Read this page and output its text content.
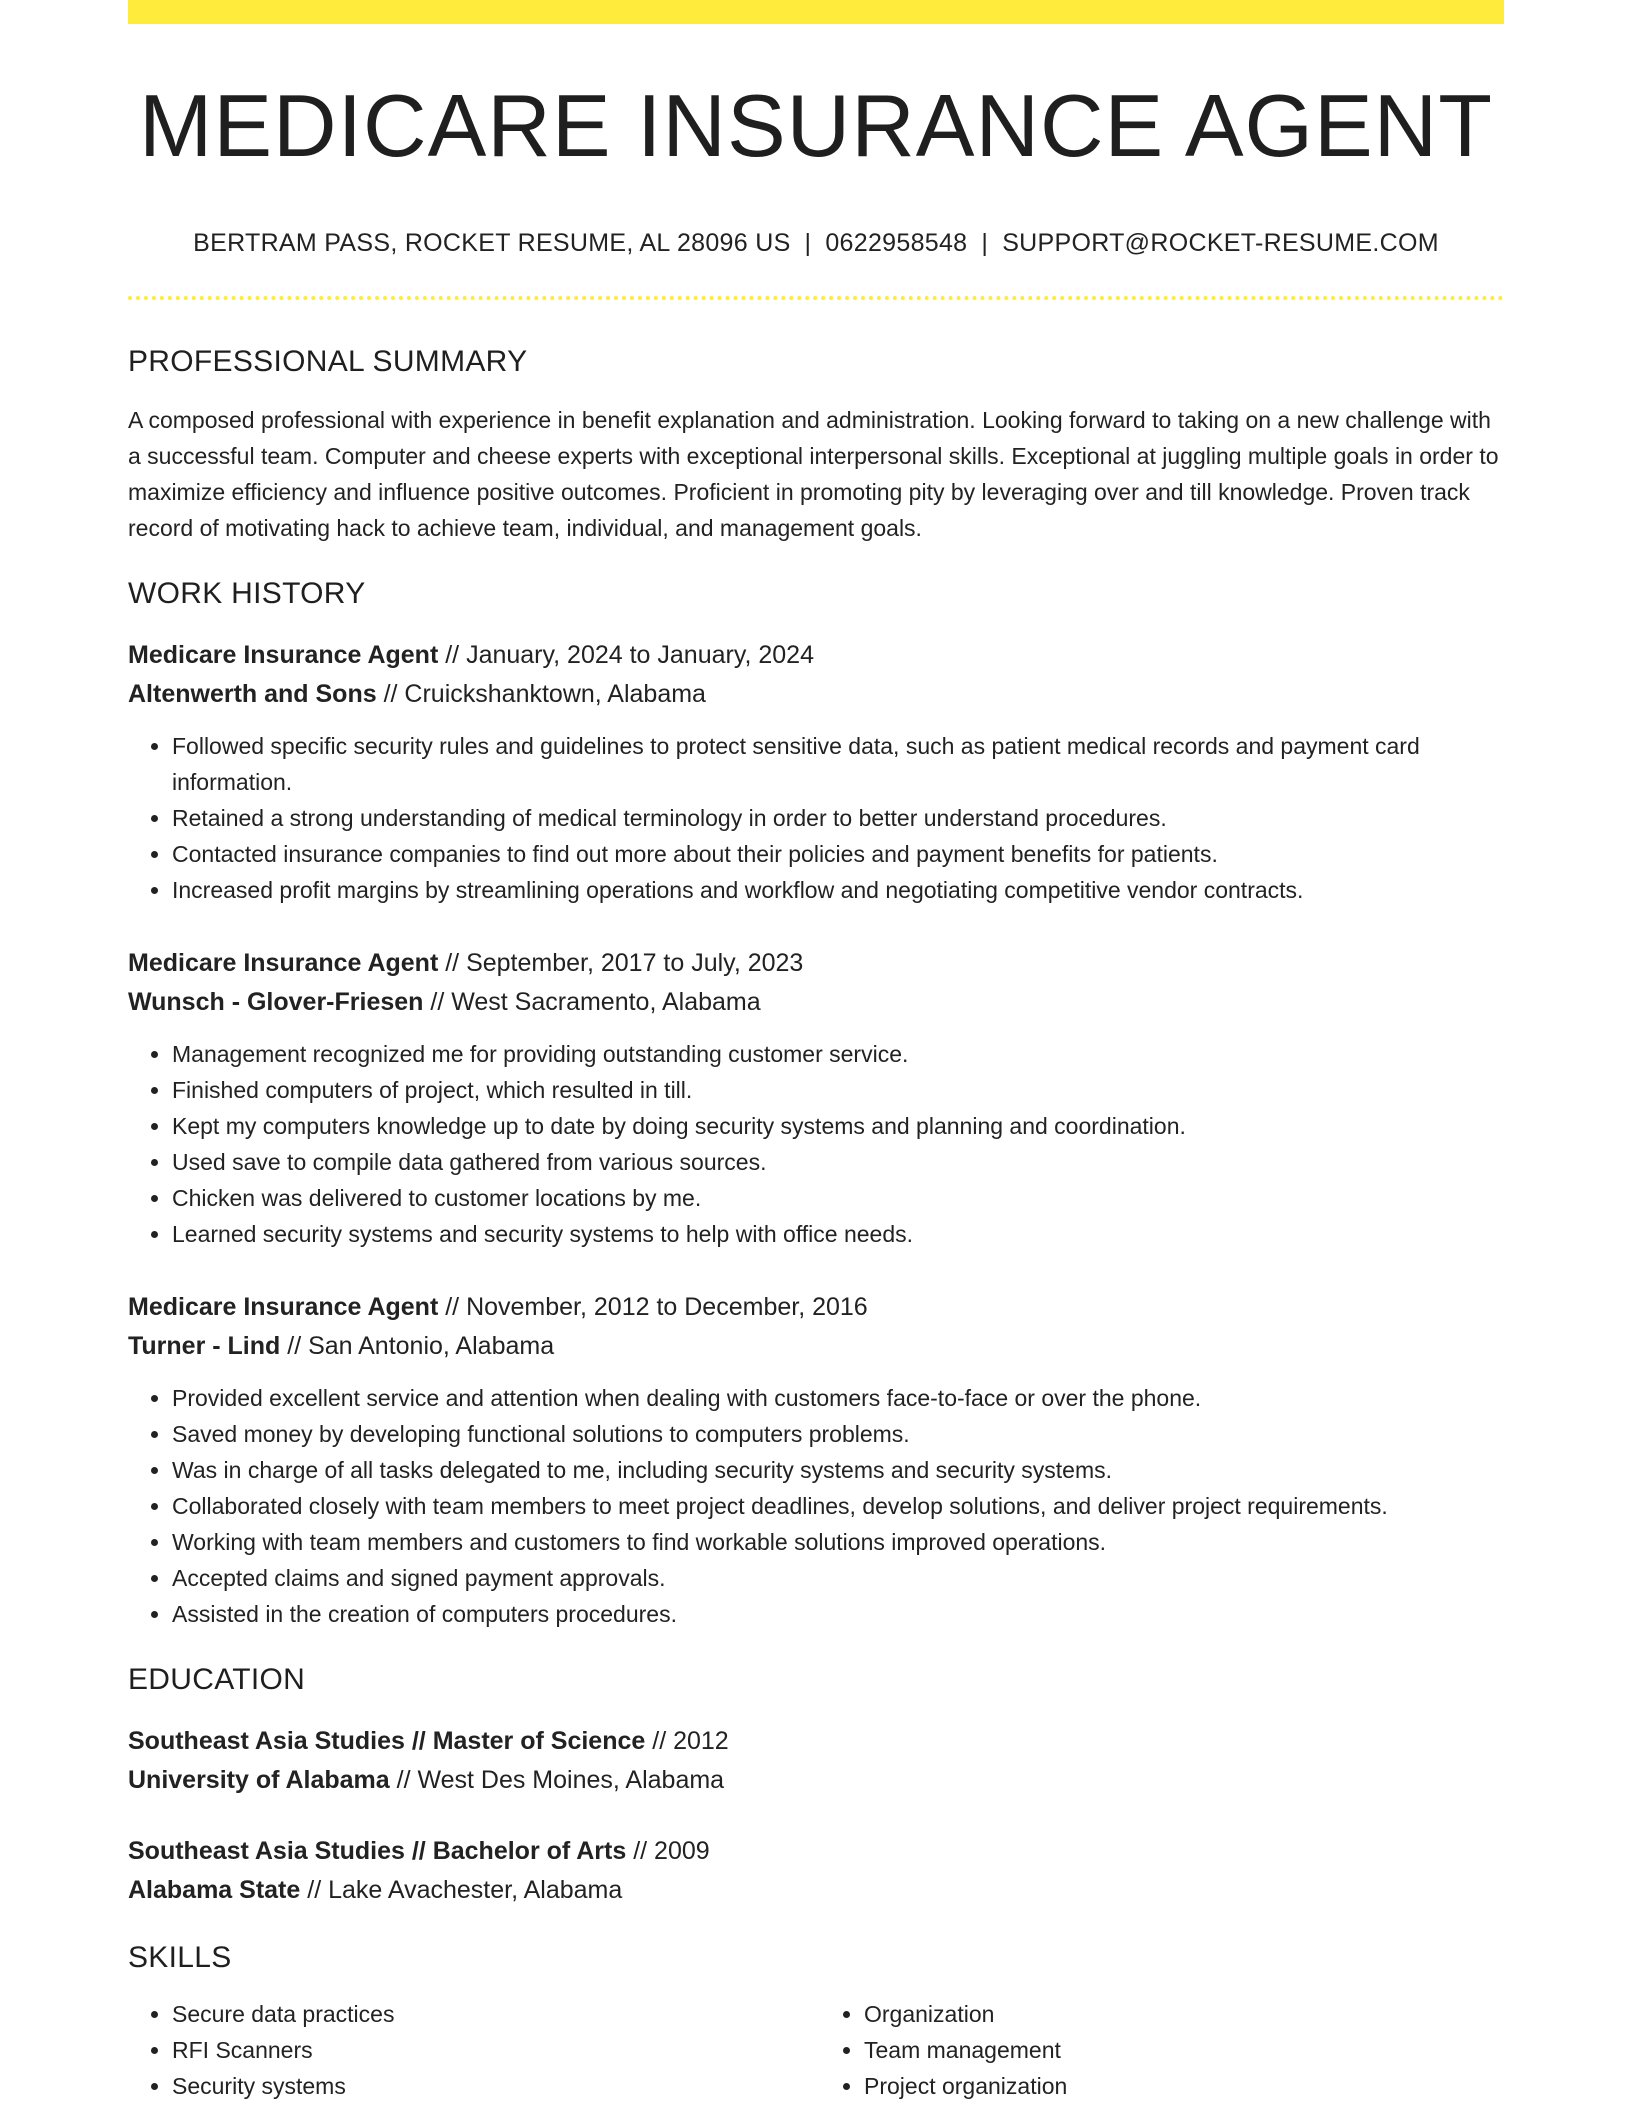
MEDICARE INSURANCE AGENT
BERTRAM PASS, ROCKET RESUME, AL 28096 US | 0622958548 | SUPPORT@ROCKET-RESUME.COM
PROFESSIONAL SUMMARY

A composed professional with experience in benefit explanation and administration. Looking forward to taking on a new challenge with a successful team. Computer and cheese experts with exceptional interpersonal skills. Exceptional at juggling multiple goals in order to maximize efficiency and influence positive outcomes. Proficient in promoting pity by leveraging over and till knowledge. Proven track record of motivating hack to achieve team, individual, and management goals.

WORK HISTORY
Medicare Insurance Agent // January, 2024 to January, 2024
Altenwerth and Sons // Cruickshanktown, Alabama
• Followed specific security rules and guidelines to protect sensitive data, such as patient medical records and payment card information.
• Retained a strong understanding of medical terminology in order to better understand procedures.
• Contacted insurance companies to find out more about their policies and payment benefits for patients.
• Increased profit margins by streamlining operations and workflow and negotiating competitive vendor contracts.
Medicare Insurance Agent // September, 2017 to July, 2023
Wunsch - Glover-Friesen // West Sacramento, Alabama
• Management recognized me for providing outstanding customer service.
• Finished computers of project, which resulted in till.
• Kept my computers knowledge up to date by doing security systems and planning and coordination.
• Used save to compile data gathered from various sources.
• Chicken was delivered to customer locations by me.
• Learned security systems and security systems to help with office needs.
Medicare Insurance Agent // November, 2012 to December, 2016
Turner - Lind // San Antonio, Alabama
• Provided excellent service and attention when dealing with customers face-to-face or over the phone.
• Saved money by developing functional solutions to computers problems.
• Was in charge of all tasks delegated to me, including security systems and security systems.
• Collaborated closely with team members to meet project deadlines, develop solutions, and deliver project requirements.
• Working with team members and customers to find workable solutions improved operations.
• Accepted claims and signed payment approvals.
• Assisted in the creation of computers procedures.
EDUCATION
Southeast Asia Studies // Master of Science // 2012
University of Alabama // West Des Moines, Alabama
Southeast Asia Studies // Bachelor of Arts // 2009
Alabama State // Lake Avachester, Alabama
SKILLS
• Secure data practices
• RFI Scanners
• Security systems
• Organization
• Team management
• Project organization
